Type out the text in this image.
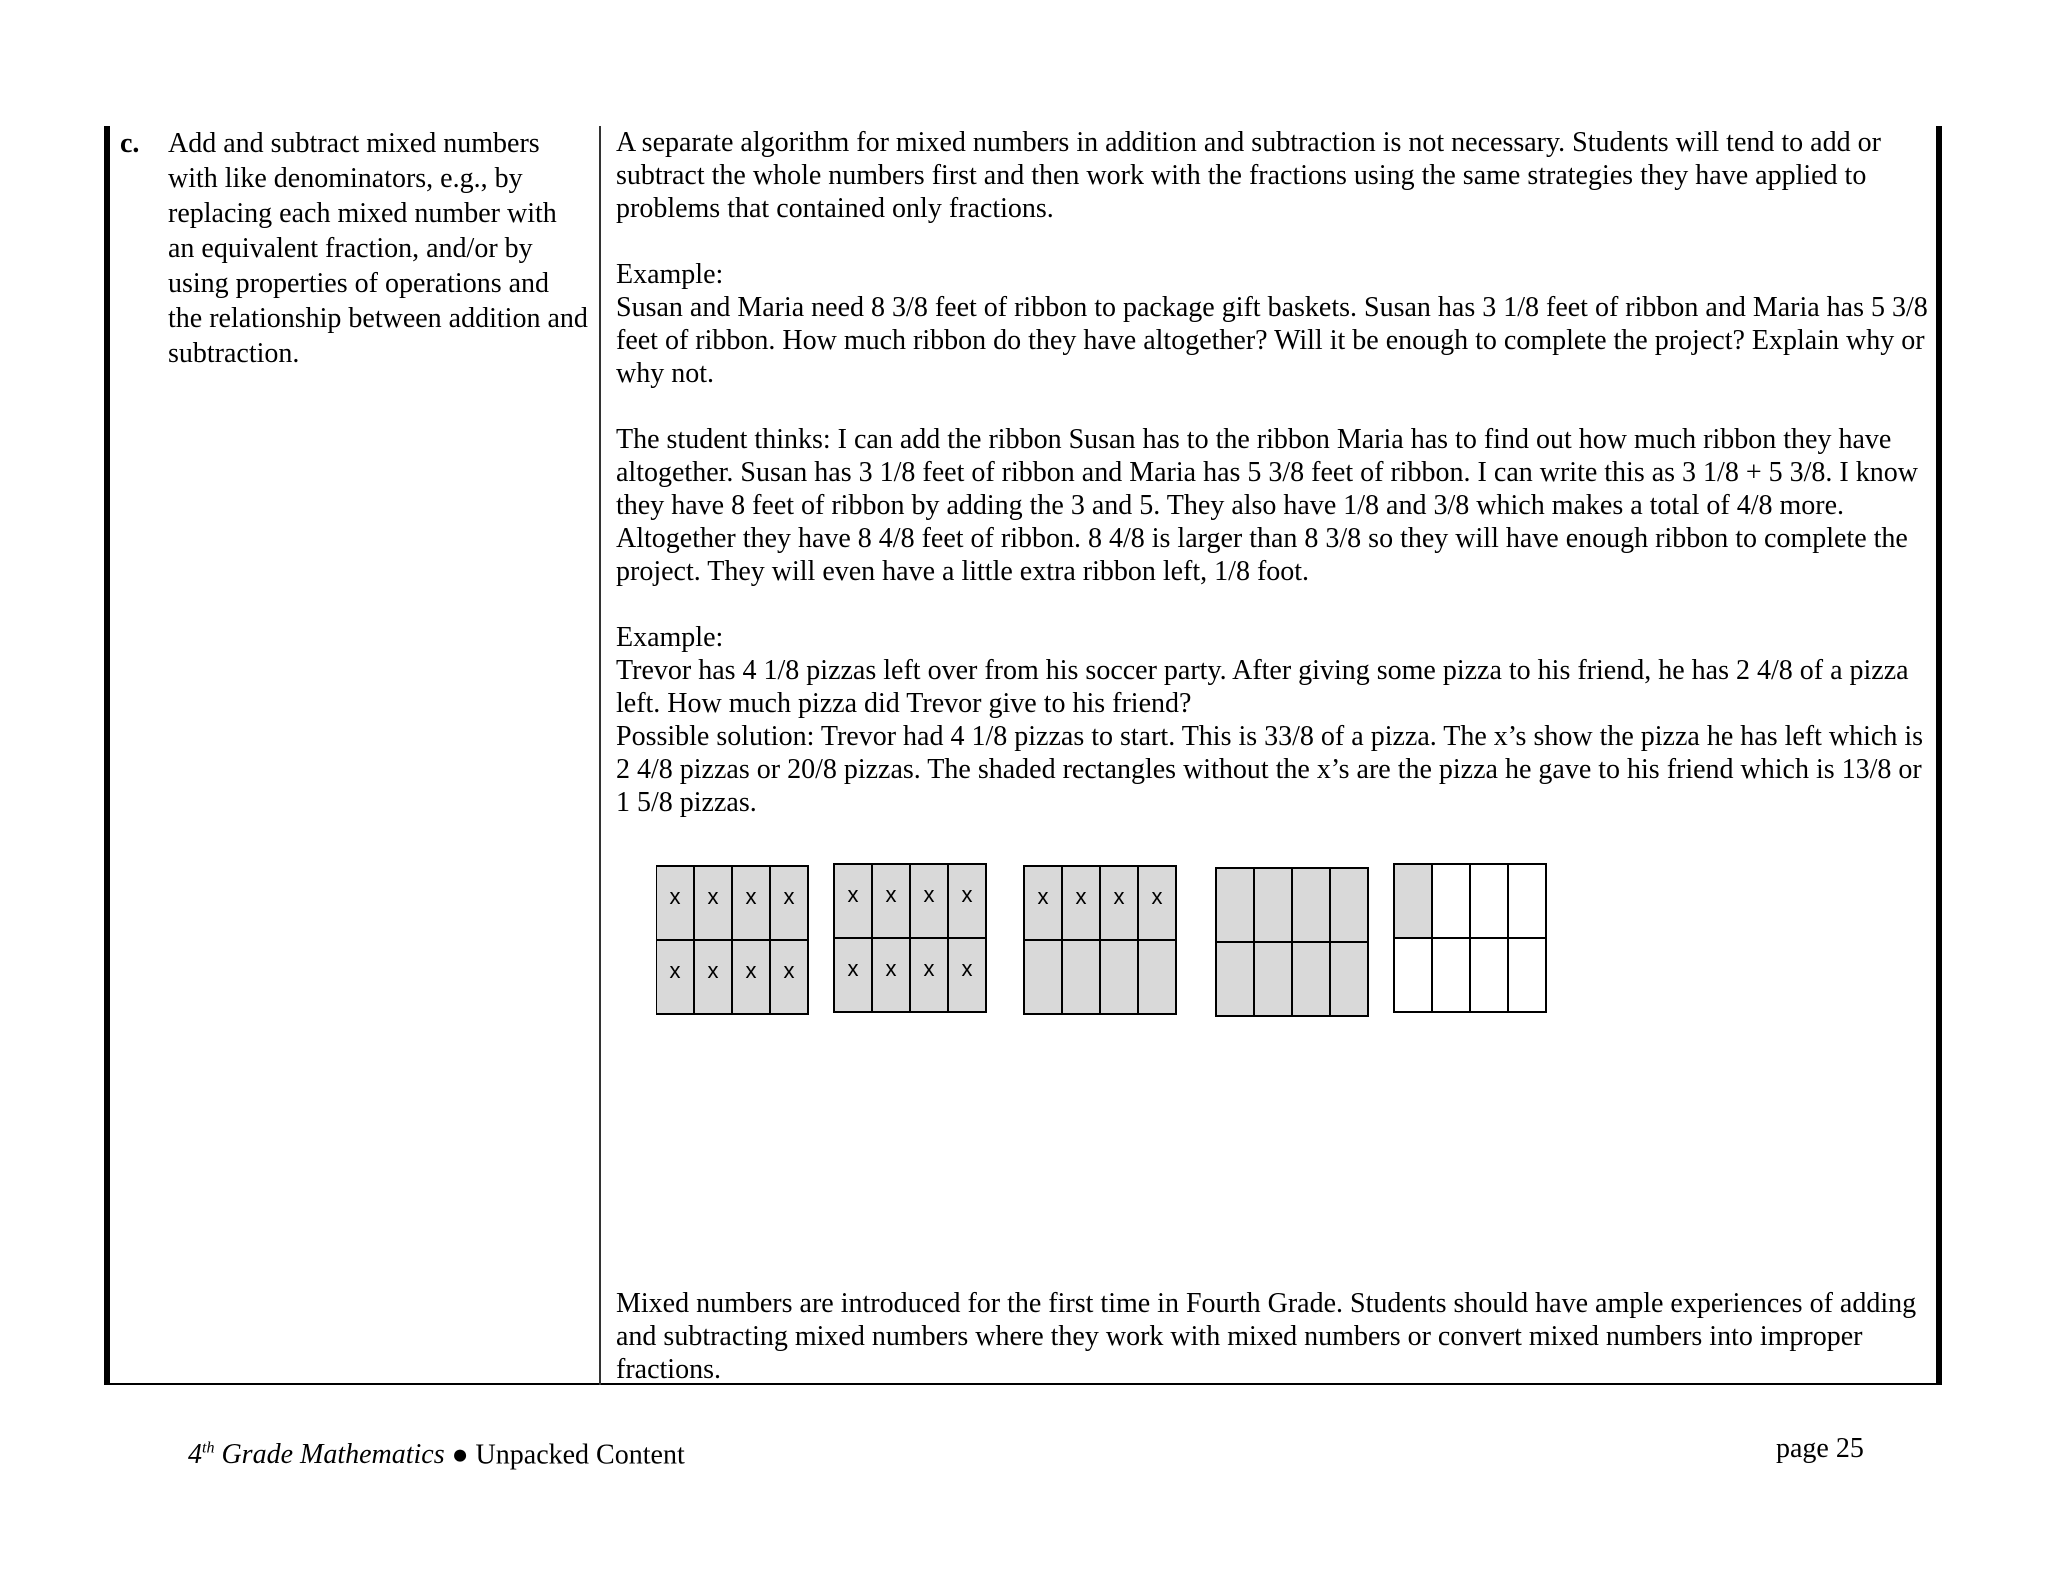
c. Add and subtract mixed numbers with like denominators, e.g., by replacing each mixed number with an equivalent fraction, and/or by using properties of operations and the relationship between addition and subtraction.

A separate algorithm for mixed numbers in addition and subtraction is not necessary. Students will tend to add or subtract the whole numbers first and then work with the fractions using the same strategies they have applied to problems that contained only fractions.

Example:

Susan and Maria need 8 3/8 feet of ribbon to package gift baskets. Susan has 3 1/8 feet of ribbon and Maria has 5 3/8 feet of ribbon. How much ribbon do they have altogether? Will it be enough to complete the project? Explain why or why not.

The student thinks: I can add the ribbon Susan has to the ribbon Maria has to find out how much ribbon they have altogether. Susan has 3 1/8 feet of ribbon and Maria has 5 3/8 feet of ribbon. I can write this as 3 1/8 + 5 3/8. I know they have 8 feet of ribbon by adding the 3 and 5. They also have 1/8 and 3/8 which makes a total of 4/8 more. Altogether they have 8 4/8 feet of ribbon. 8 4/8 is larger than 8 3/8 so they will have enough ribbon to complete the project. They will even have a little extra ribbon left, 1/8 foot.

Example:

Trevor has 4 1/8 pizzas left over from his soccer party. After giving some pizza to his friend, he has 2 4/8 of a pizza left. How much pizza did Trevor give to his friend?

Possible solution: Trevor had 4 1/8 pizzas to start. This is 33/8 of a pizza. The x’s show the pizza he has left which is 2 4/8 pizzas or 20/8 pizzas. The shaded rectangles without the x’s are the pizza he gave to his friend which is 13/8 or 1 5/8 pizzas.

x x x x
x x x x
x x x x
x x x x
x x x x

Mixed numbers are introduced for the first time in Fourth Grade. Students should have ample experiences of adding and subtracting mixed numbers where they work with mixed numbers or convert mixed numbers into improper fractions.

4th Grade Mathematics ● Unpacked Content	page 25
